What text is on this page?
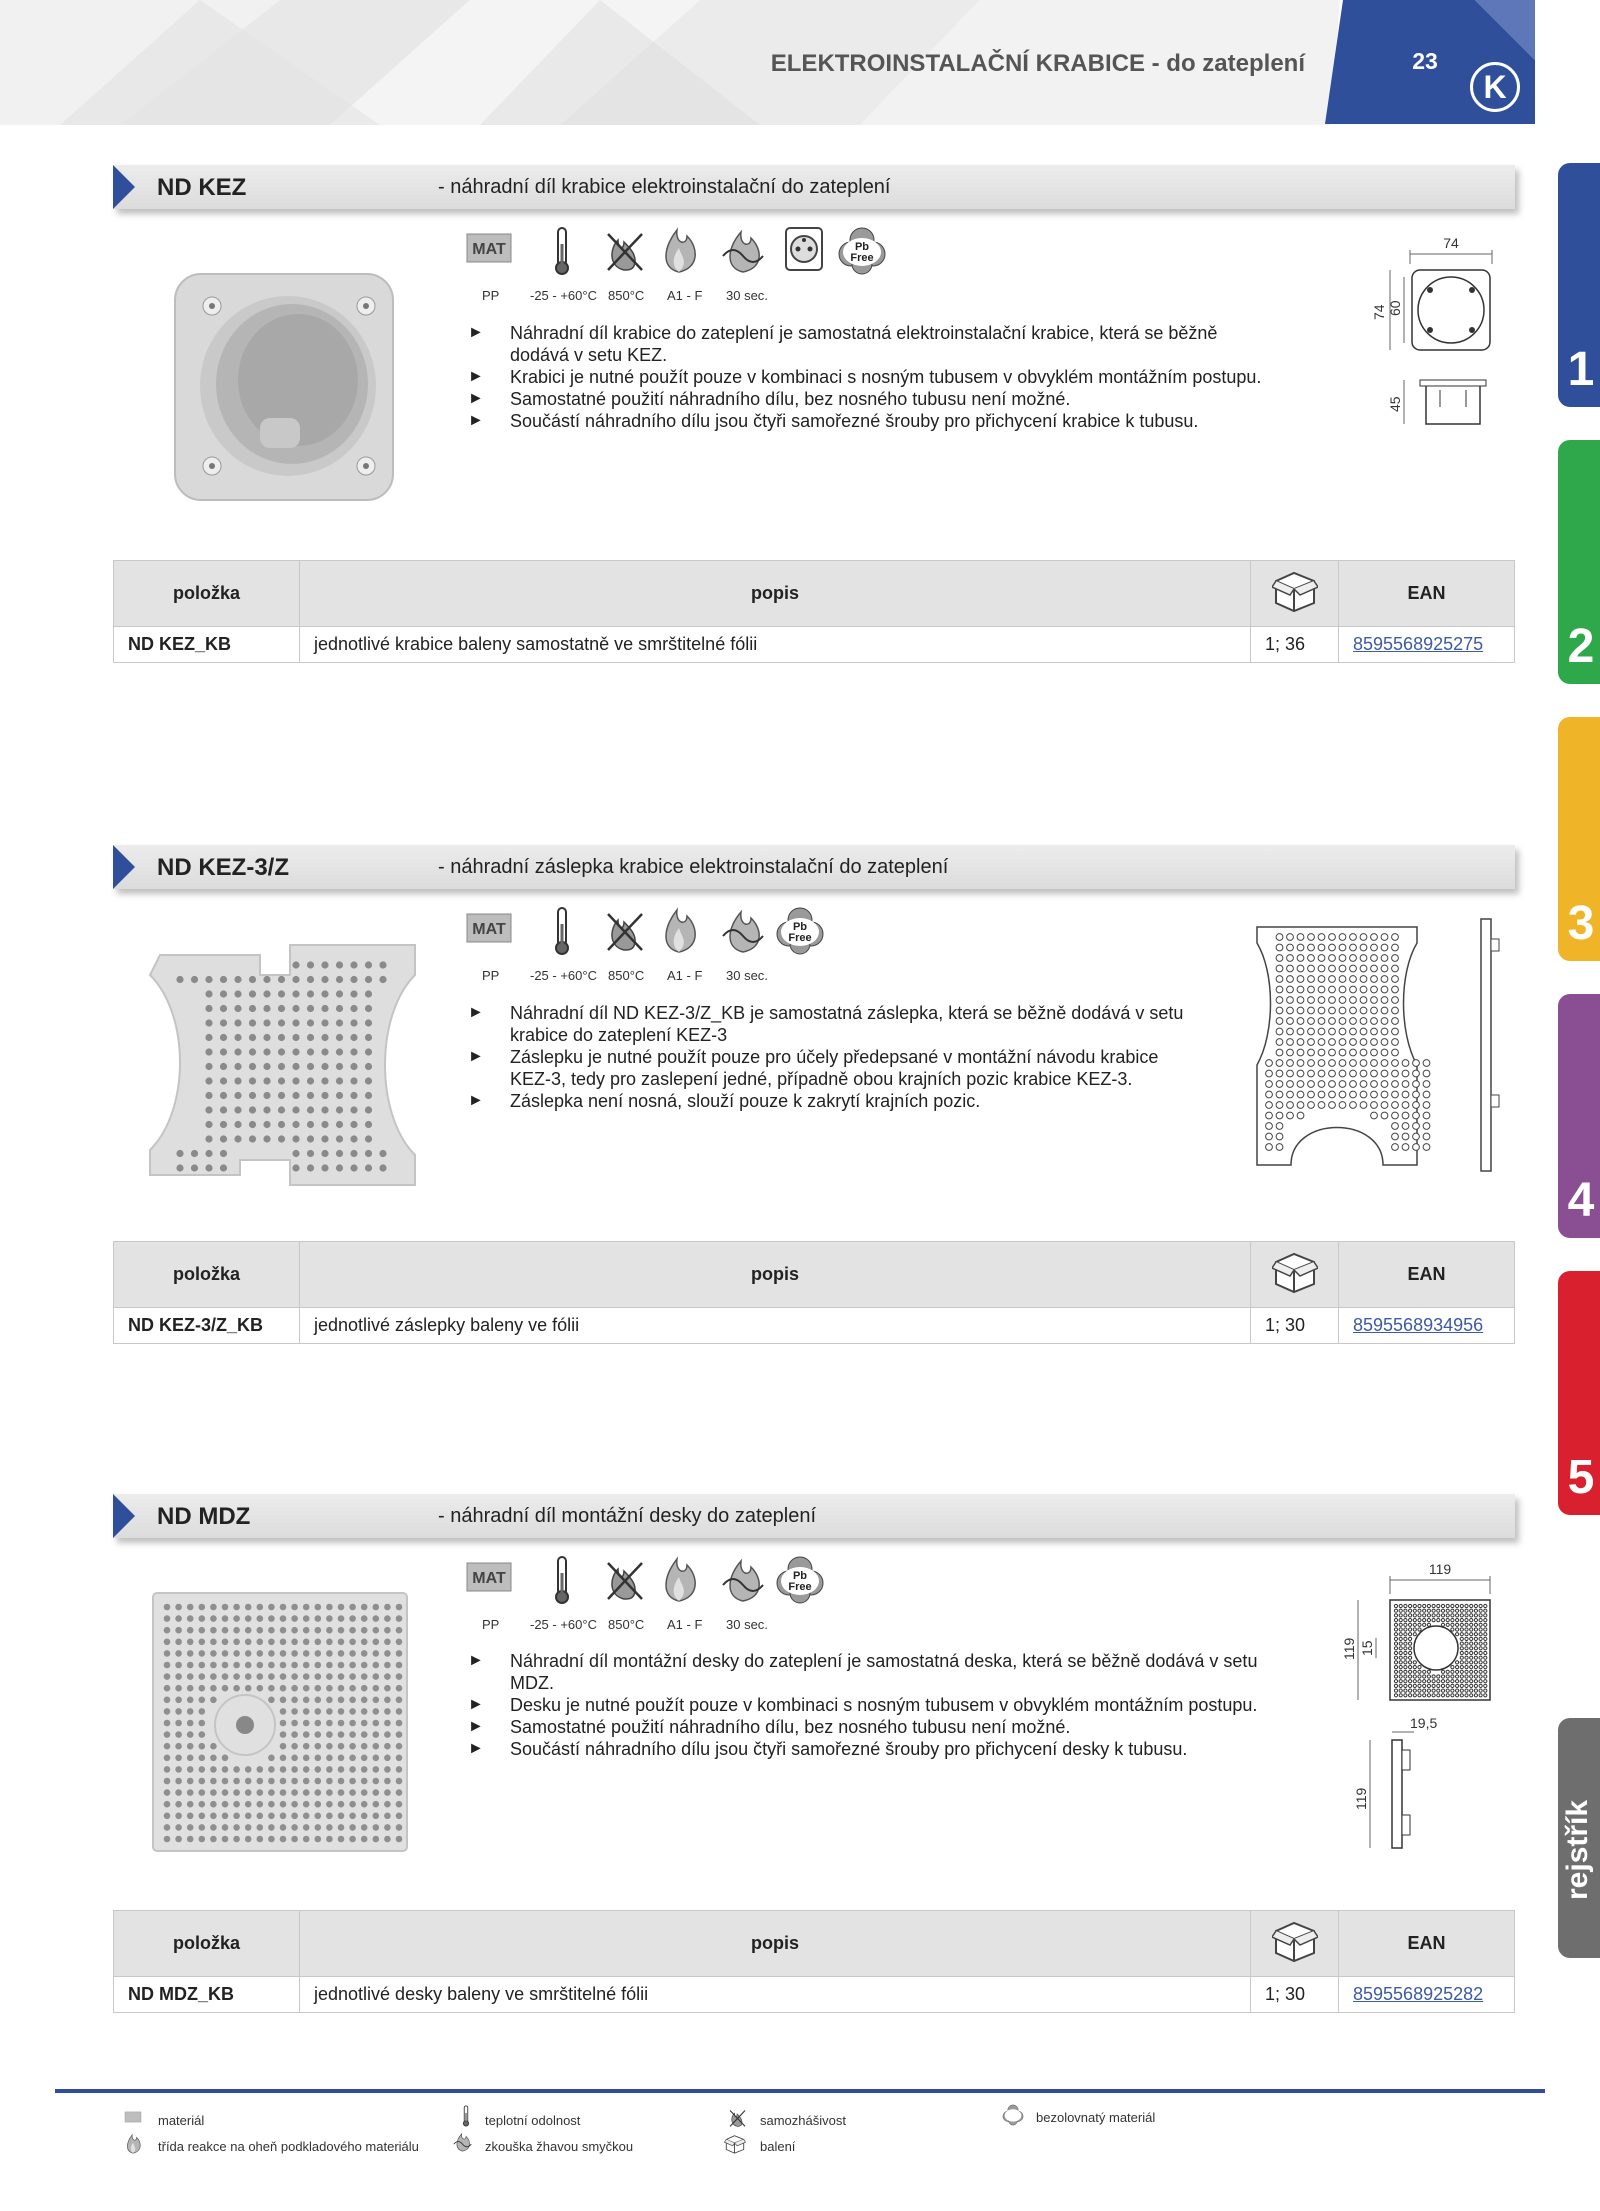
ELEKTROINSTALAČNÍ KRABICE - do zateplení	23
K
1
2
3
4
5
rejstřík
ND KEZ	- náhradní díl krabice elektroinstalační do zateplení
MAT	Pb
Free
PP -25 - +60°C 850°C A1 - F 30 sec.
► Náhradní díl krabice do zateplení je samostatná elektroinstalační krabice, která se běžně dodává v setu KEZ.
► Krabici je nutné použít pouze v kombinaci s nosným tubusem v obvyklém montážním postupu.
► Samostatné použití náhradního dílu, bez nosného tubusu není možné.
► Součástí náhradního dílu jsou čtyři samořezné šrouby pro přichycení krabice k tubusu.
74
74 60
45
položka	popis		EAN
ND KEZ_KB	jednotlivé krabice baleny samostatně ve smrštitelné fólii	1; 36	8595568925275
ND KEZ-3/Z	- náhradní záslepka krabice elektroinstalační do zateplení
MAT	Pb
Free
PP -25 - +60°C 850°C A1 - F 30 sec.
► Náhradní díl ND KEZ-3/Z_KB je samostatná záslepka, která se běžně dodává v setu krabice do zateplení KEZ-3
► Záslepku je nutné použít pouze pro účely předepsané v montážní návodu krabice KEZ-3, tedy pro zaslepení jedné, případně obou krajních pozic krabice KEZ-3.
► Záslepka není nosná, slouží pouze k zakrytí krajních pozic.
položka	popis		EAN
ND KEZ-3/Z_KB	jednotlivé záslepky baleny ve fólii	1; 30	8595568934956
ND MDZ	- náhradní díl montážní desky do zateplení
MAT	Pb
Free
PP -25 - +60°C 850°C A1 - F 30 sec.
► Náhradní díl montážní desky do zateplení je samostatná deska, která se běžně dodává v setu MDZ.
► Desku je nutné použít pouze v kombinaci s nosným tubusem v obvyklém montážním postupu.
► Samostatné použití náhradního dílu, bez nosného tubusu není možné.
► Součástí náhradního dílu jsou čtyři samořezné šrouby pro přichycení desky k tubusu.
119
119 15
19,5
119
položka	popis		EAN
ND MDZ_KB	jednotlivé desky baleny ve smrštitelné fólii	1; 30	8595568925282
materiál	teplotní odolnost	samozhášivost	bezolovnatý materiál
třída reakce na oheň podkladového materiálu	zkouška žhavou smyčkou	balení
